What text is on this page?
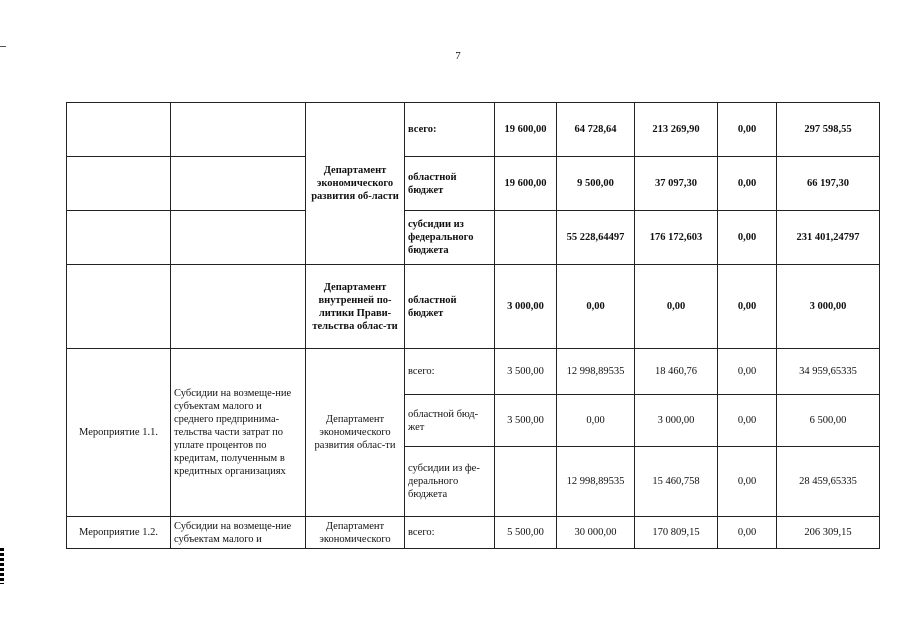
7
		Департамент экономического развития об-ласти	всего:	19 600,00	64 728,64	213 269,90	0,00	297 598,55
			областной бюджет	19 600,00	9 500,00	37 097,30	0,00	66 197,30
			субсидии из федерального бюджета		55 228,64497	176 172,603	0,00	231 401,24797
		Департамент внутренней по-литики Прави-тельства облас-ти	областной бюджет	3 000,00	0,00	0,00	0,00	3 000,00
Мероприятие 1.1.	Субсидии на возмеще-ние субъектам малого и среднего предпринима-тельства части затрат по уплате процентов по кредитам, полученным в кредитных организациях	Департамент экономического развития облас-ти	всего:	3 500,00	12 998,89535	18 460,76	0,00	34 959,65335
			областной бюд-жет	3 500,00	0,00	3 000,00	0,00	6 500,00
			субсидии из фе-дерального бюджета		12 998,89535	15 460,758	0,00	28 459,65335
Мероприятие 1.2.	Субсидии на возмеще-ние субъектам малого и	Департамент экономического	всего:	5 500,00	30 000,00	170 809,15	0,00	206 309,15
